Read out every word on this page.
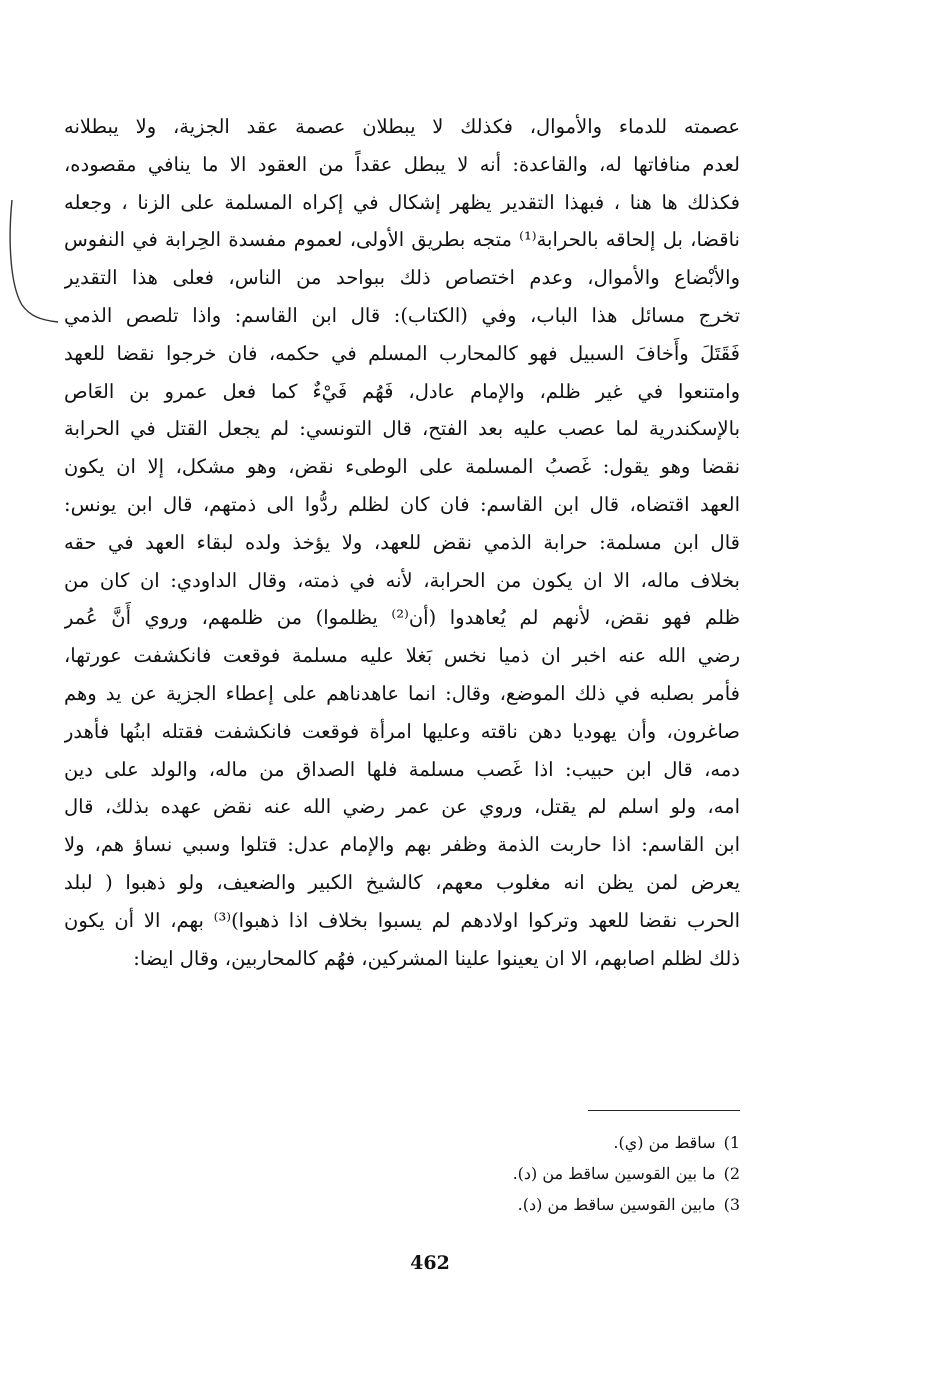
عصمته للدماء والأموال، فكذلك لا يبطلان عصمة عقد الجزية، ولا يبطلانه
لعدم منافاتها له، والقاعدة: أنه لا يبطل عقداً من العقود الا ما ينافي مقصوده،
فكذلك ها هنا ، فبهذا التقدير يظهر إشكال في إكراه المسلمة على الزنا ، وجعله
ناقضا، بل إلحاقه بالحرابة⁽¹⁾ متجه بطريق الأولى، لعموم مفسدة الحِرابة في النفوس
والأبْضاع والأموال، وعدم اختصاص ذلك ببواحد من الناس، فعلى هذا التقدير
تخرج مسائل هذا الباب، وفي (الكتاب): قال ابن القاسم: واذا تلصص الذمي
فَقَتَلَ وأَخافَ السبيل فهو كالمحارب المسلم في حكمه، فان خرجوا نقضا للعهد
وامتنعوا في غير ظلم، والإمام عادل، فَهُم فَيْءٌ كما فعل عمرو بن العَاص
بالإسكندرية لما عصب عليه بعد الفتح، قال التونسي: لم يجعل القتل في الحرابة
نقضا وهو يقول: غَصبُ المسلمة على الوطىء نقض، وهو مشكل، إلا ان يكون
العهد اقتضاه، قال ابن القاسم: فان كان لظلم ردُّوا الى ذمتهم، قال ابن يونس:
قال ابن مسلمة: حرابة الذمي نقض للعهد، ولا يؤخذ ولده لبقاء العهد في حقه
بخلاف ماله، الا ان يكون من الحرابة، لأنه في ذمته، وقال الداودي: ان كان من
ظلم فهو نقض، لأنهم لم يُعاهدوا (أن⁽²⁾ يظلموا) من ظلمهم، وروي أَنَّ عُمر
رضي الله عنه اخبر ان ذميا نخس بَغلا عليه مسلمة فوقعت فانكشفت عورتها،
فأمر بصلبه في ذلك الموضع، وقال: انما عاهدناهم على إعطاء الجزية عن يد وهم
صاغرون، وأن يهوديا دهن ناقته وعليها امرأة فوقعت فانكشفت فقتله ابنُها فأهدر
دمه، قال ابن حبيب: اذا غَصب مسلمة فلها الصداق من ماله، والولد على دين
امه، ولو اسلم لم يقتل، وروي عن عمر رضي الله عنه نقض عهده بذلك، قال
ابن القاسم: اذا حاربت الذمة وظفر بهم والإمام عدل: قتلوا وسبي نساؤ هم، ولا
يعرض لمن يظن انه مغلوب معهم، كالشيخ الكبير والضعيف، ولو ذهبوا ( لبلد
الحرب نقضا للعهد وتركوا اولادهم لم يسبوا بخلاف اذا ذهبوا)⁽³⁾ بهم، الا أن يكون
ذلك لظلم اصابهم، الا ان يعينوا علينا المشركين، فهُم كالمحاربين، وقال ايضا:
1)ساقط من (ي).
2)ما بين القوسين ساقط من (د).
3)مابين القوسين ساقط من (د).
462
